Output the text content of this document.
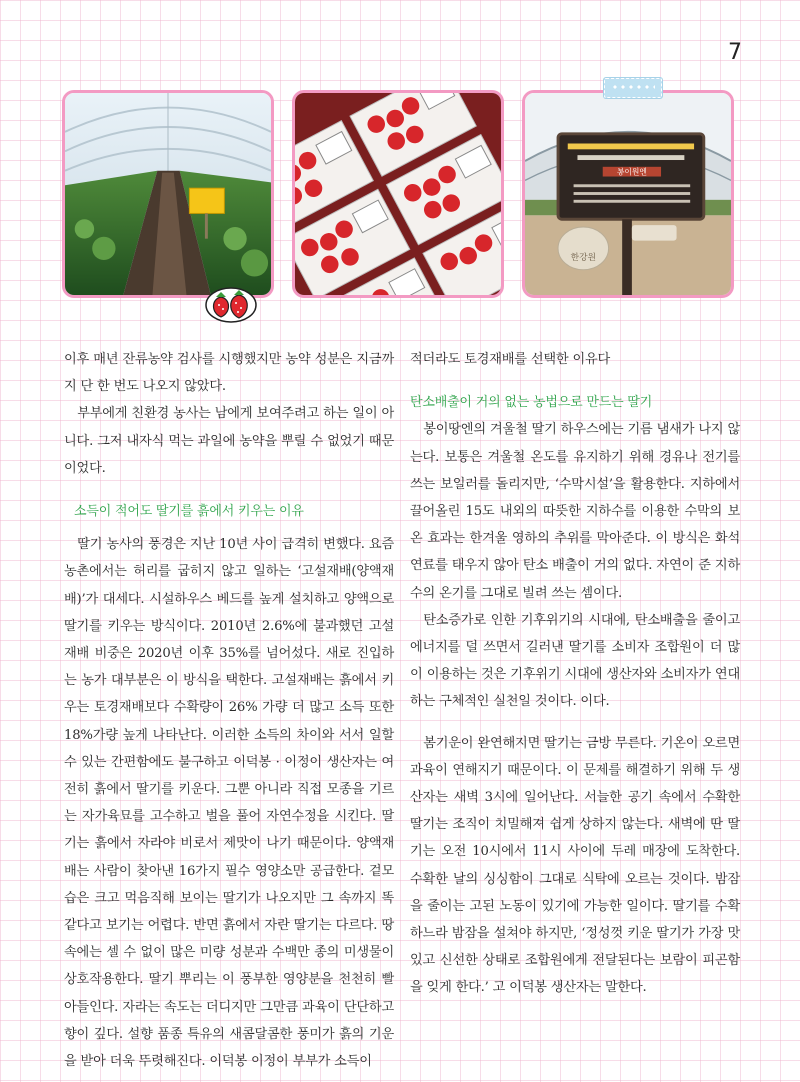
7
봉이원엔
한강원

이후 매년 잔류농약 검사를 시행했지만 농약 성분은 지금까지 단 한 번도 나오지 않았다.

부부에게 친환경 농사는 남에게 보여주려고 하는 일이 아니다. 그저 내자식 먹는 과일에 농약을 뿌릴 수 없었기 때문이었다.

소득이 적어도 딸기를 흙에서 키우는 이유

딸기 농사의 풍경은 지난 10년 사이 급격히 변했다. 요즘 농촌에서는 허리를 굽히지 않고 일하는 ‘고설재배(양액재배)’가 대세다. 시설하우스 베드를 높게 설치하고 양액으로 딸기를 키우는 방식이다. 2010년 2.6%에 불과했던 고설재배 비중은 2020년 이후 35%를 넘어섰다. 새로 진입하는 농가 대부분은 이 방식을 택한다. 고설재배는 흙에서 키우는 토경재배보다 수확량이 26% 가량 더 많고 소득 또한 18%가량 높게 나타난다. 이러한 소득의 차이와 서서 일할 수 있는 간편함에도 불구하고 이덕봉 · 이정이 생산자는 여전히 흙에서 딸기를 키운다. 그뿐 아니라 직접 모종을 기르는 자가육묘를 고수하고 벌을 풀어 자연수정을 시킨다. 딸기는 흙에서 자라야 비로서 제맛이 나기 때문이다. 양액재배는 사람이 찾아낸 16가지 필수 영양소만 공급한다. 겉모습은 크고 먹음직해 보이는 딸기가 나오지만 그 속까지 똑같다고 보기는 어렵다. 반면 흙에서 자란 딸기는 다르다. 땅속에는 셀 수 없이 많은 미량 성분과 수백만 종의 미생물이 상호작용한다. 딸기 뿌리는 이 풍부한 영양분을 천천히 빨아들인다. 자라는 속도는 더디지만 그만큼 과육이 단단하고 향이 깊다. 설향 품종 특유의 새콤달콤한 풍미가 흙의 기운을 받아 더욱 뚜렷해진다. 이덕봉 이정이 부부가 소득이

적더라도 토경재배를 선택한 이유다

탄소배출이 거의 없는 농법으로 만드는 딸기

봉이땅엔의 겨울철 딸기 하우스에는 기름 냄새가 나지 않는다. 보통은 겨울철 온도를 유지하기 위해 경유나 전기를 쓰는 보일러를 돌리지만, ‘수막시설’을 활용한다. 지하에서 끌어올린 15도 내외의 따뜻한 지하수를 이용한 수막의 보온 효과는 한겨울 영하의 추위를 막아준다. 이 방식은 화석 연료를 태우지 않아 탄소 배출이 거의 없다. 자연이 준 지하수의 온기를 그대로 빌려 쓰는 셈이다.

탄소증가로 인한 기후위기의 시대에, 탄소배출을 줄이고 에너지를 덜 쓰면서 길러낸 딸기를 소비자 조합원이 더 많이 이용하는 것은 기후위기 시대에 생산자와 소비자가 연대하는 구체적인 실천일 것이다. 이다.

봄기운이 완연해지면 딸기는 금방 무른다. 기온이 오르면 과육이 연해지기 때문이다. 이 문제를 해결하기 위해 두 생산자는 새벽 3시에 일어난다. 서늘한 공기 속에서 수확한 딸기는 조직이 치밀해져 쉽게 상하지 않는다. 새벽에 딴 딸기는 오전 10시에서 11시 사이에 두레 매장에 도착한다. 수확한 날의 싱싱함이 그대로 식탁에 오르는 것이다. 밤잠을 줄이는 고된 노동이 있기에 가능한 일이다. 딸기를 수확하느라 밤잠을 설쳐야 하지만, ‘정성껏 키운 딸기가 가장 맛있고 신선한 상태로 조합원에게 전달된다는 보람이 피곤함을 잊게 한다.’ 고 이덕봉 생산자는 말한다.
